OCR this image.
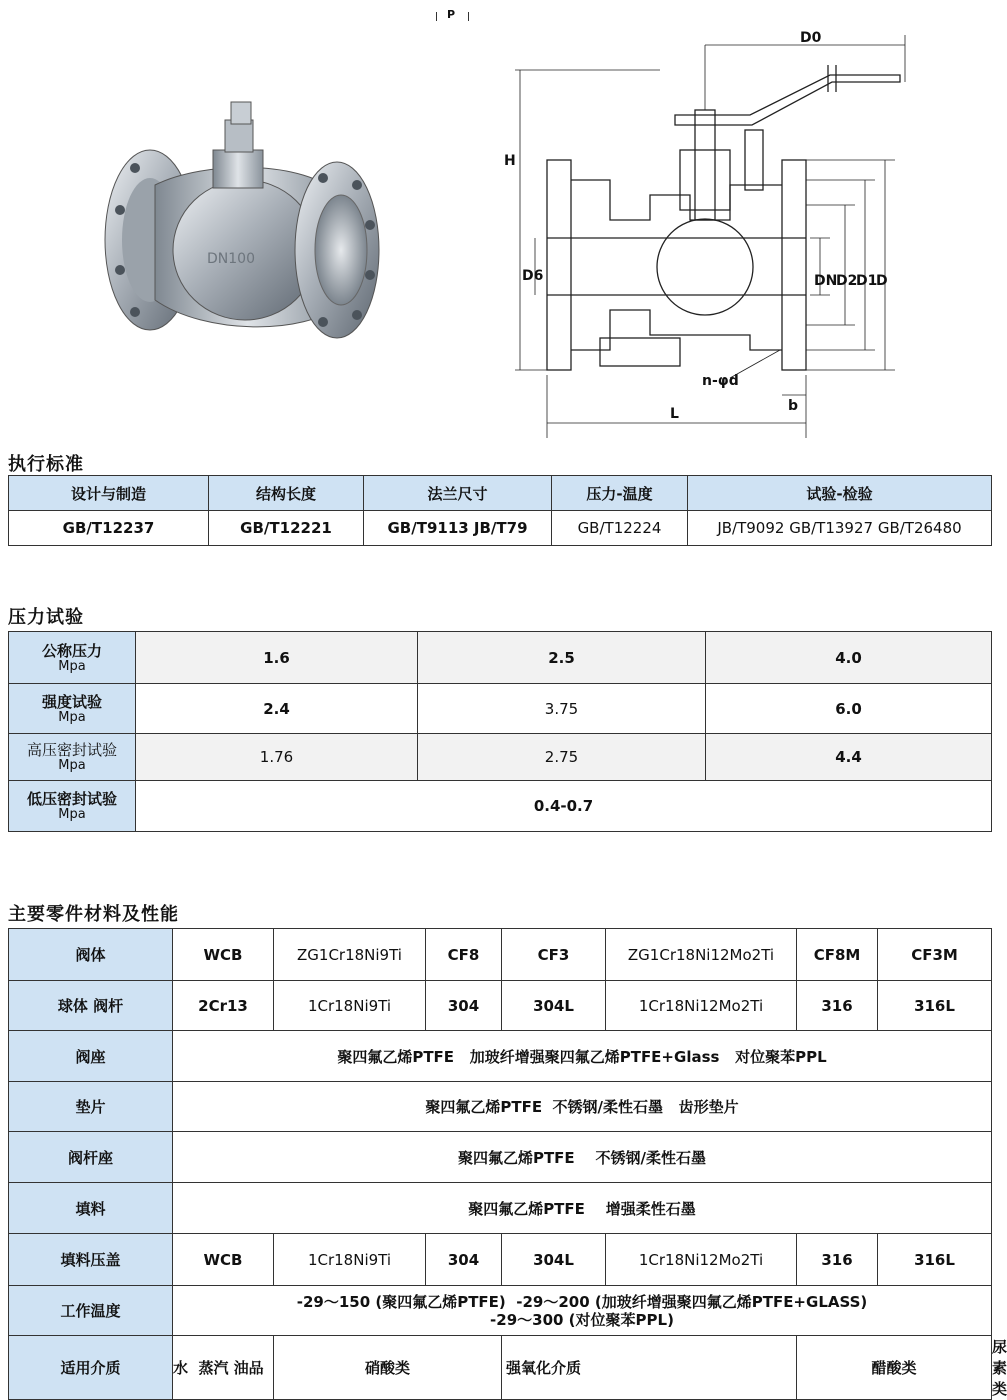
P
DN100
D0
H
D6	DN
D2
D1
D
n-φd
L	b
执行标准
设计与制造	结构长度	法兰尺寸	压力-温度	试验-检验
GB/T12237	GB/T12221	GB/T9113 JB/T79	GB/T12224	JB/T9092 GB/T13927 GB/T26480
压力试验
公称压力
Mpa	1.6	2.5	4.0

强度试验
Mpa	2.4	3.75	6.0

高压密封试验
Mpa	1.76	2.75	4.4

低压密封试验
Mpa	0.4-0.7		
主要零件材料及性能
阀体	WCB	ZG1Cr18Ni9Ti	CF8	CF3	ZG1Cr18Ni12Mo2Ti	CF8M	CF3M	
球体 阀杆	2Cr13	1Cr18Ni9Ti	304	304L	1Cr18Ni12Mo2Ti	316	316L	
阀座	聚四氟乙烯PTFE   加玻纤增强聚四氟乙烯PTFE+Glass   对位聚苯PPL							
垫片	聚四氟乙烯PTFE  不锈钢/柔性石墨   齿形垫片							
阀杆座	聚四氟乙烯PTFE    不锈钢/柔性石墨							
填料	聚四氟乙烯PTFE    增强柔性石墨							
填料压盖	WCB	1Cr18Ni9Ti	304	304L	1Cr18Ni12Mo2Ti	316	316L	
工作温度	-29～150 (聚四氟乙烯PTFE)  -29～200 (加玻纤增强聚四氟乙烯PTFE+GLASS)
-29～300 (对位聚苯PPL)							

适用介质	水  蒸汽 油品	硝酸类		强氧化介质		醋酸类		尿素类
